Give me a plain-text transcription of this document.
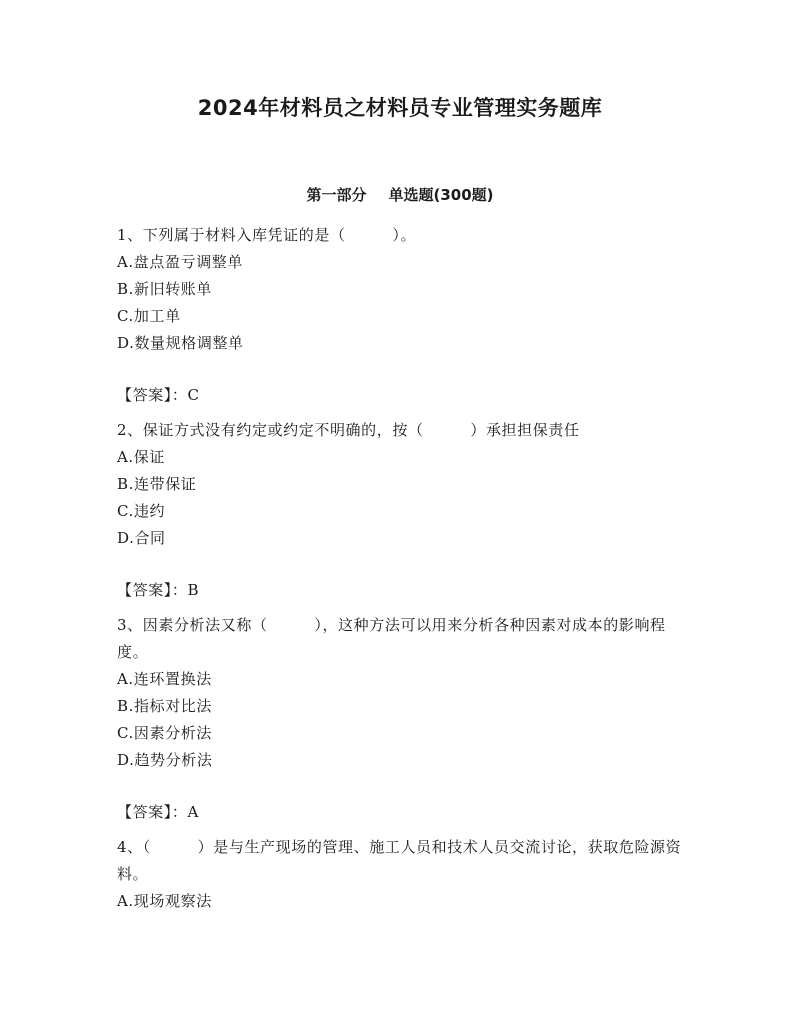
2024年材料员之材料员专业管理实务题库
第一部分 单选题(300题)

1、下列属于材料入库凭证的是（　　　）。

A.盘点盈亏调整单

B.新旧转账单

C.加工单

D.数量规格调整单

【答案】：C

2、保证方式没有约定或约定不明确的，按（　　　）承担担保责任

A.保证

B.连带保证

C.违约

D.合同

【答案】：B

3、因素分析法又称（　　　），这种方法可以用来分析各种因素对成本的影响程度。

A.连环置换法

B.指标对比法

C.因素分析法

D.趋势分析法

【答案】：A

4、（　　　）是与生产现场的管理、施工人员和技术人员交流讨论，获取危险源资料。

A.现场观察法
